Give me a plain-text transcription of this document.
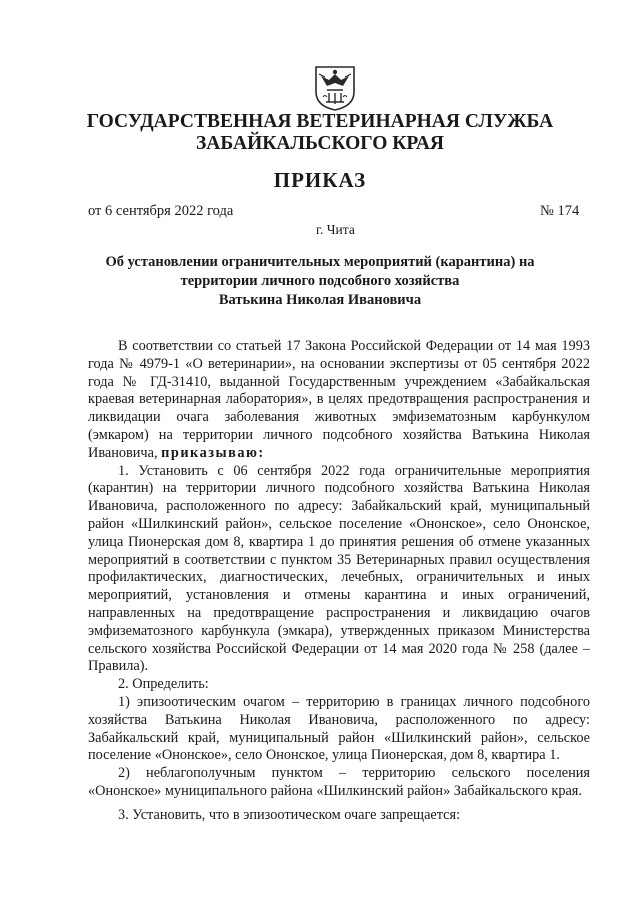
ГОСУДАРСТВЕННАЯ ВЕТЕРИНАРНАЯ СЛУЖБА
ЗАБАЙКАЛЬСКОГО КРАЯ
ПРИКАЗ
от 6 сентября 2022 года	№ 174
г. Чита
Об установлении ограничительных мероприятий (карантина) на
территории личного подсобного хозяйства
Ватькина Николая Ивановича

В соответствии со статьей 17 Закона Российской Федерации от 14 мая 1993 года № 4979-1 «О ветеринарии», на основании экспертизы от 05 сентября 2022 года № ГД-31410, выданной Государственным учреждением «Забайкальская краевая ветеринарная лаборатория», в целях предотвращения распространения и ликвидации очага заболевания животных эмфизематозным карбункулом (эмкаром) на территории личного подсобного хозяйства Ватькина Николая Ивановича, приказываю:

1. Установить с 06 сентября 2022 года ограничительные мероприятия (карантин) на территории личного подсобного хозяйства Ватькина Николая Ивановича, расположенного по адресу: Забайкальский край, муниципальный район «Шилкинский район», сельское поселение «Ононское», село Ононское, улица Пионерская дом 8, квартира 1 до принятия решения об отмене указанных мероприятий в соответствии с пунктом 35 Ветеринарных правил осуществления профилактических, диагностических, лечебных, ограничительных и иных мероприятий, установления и отмены карантина и иных ограничений, направленных на предотвращение распространения и ликвидацию очагов эмфизематозного карбункула (эмкара), утвержденных приказом Министерства сельского хозяйства Российской Федерации от 14 мая 2020 года № 258 (далее – Правила).

2. Определить:

1) эпизоотическим очагом – территорию в границах личного подсобного хозяйства Ватькина Николая Ивановича, расположенного по адресу: Забайкальский край, муниципальный район «Шилкинский район», сельское поселение «Ононское», село Ононское, улица Пионерская, дом 8, квартира 1.

2) неблагополучным пунктом – территорию сельского поселения «Ононское» муниципального района «Шилкинский район» Забайкальского края.

3. Установить, что в эпизоотическом очаге запрещается:
